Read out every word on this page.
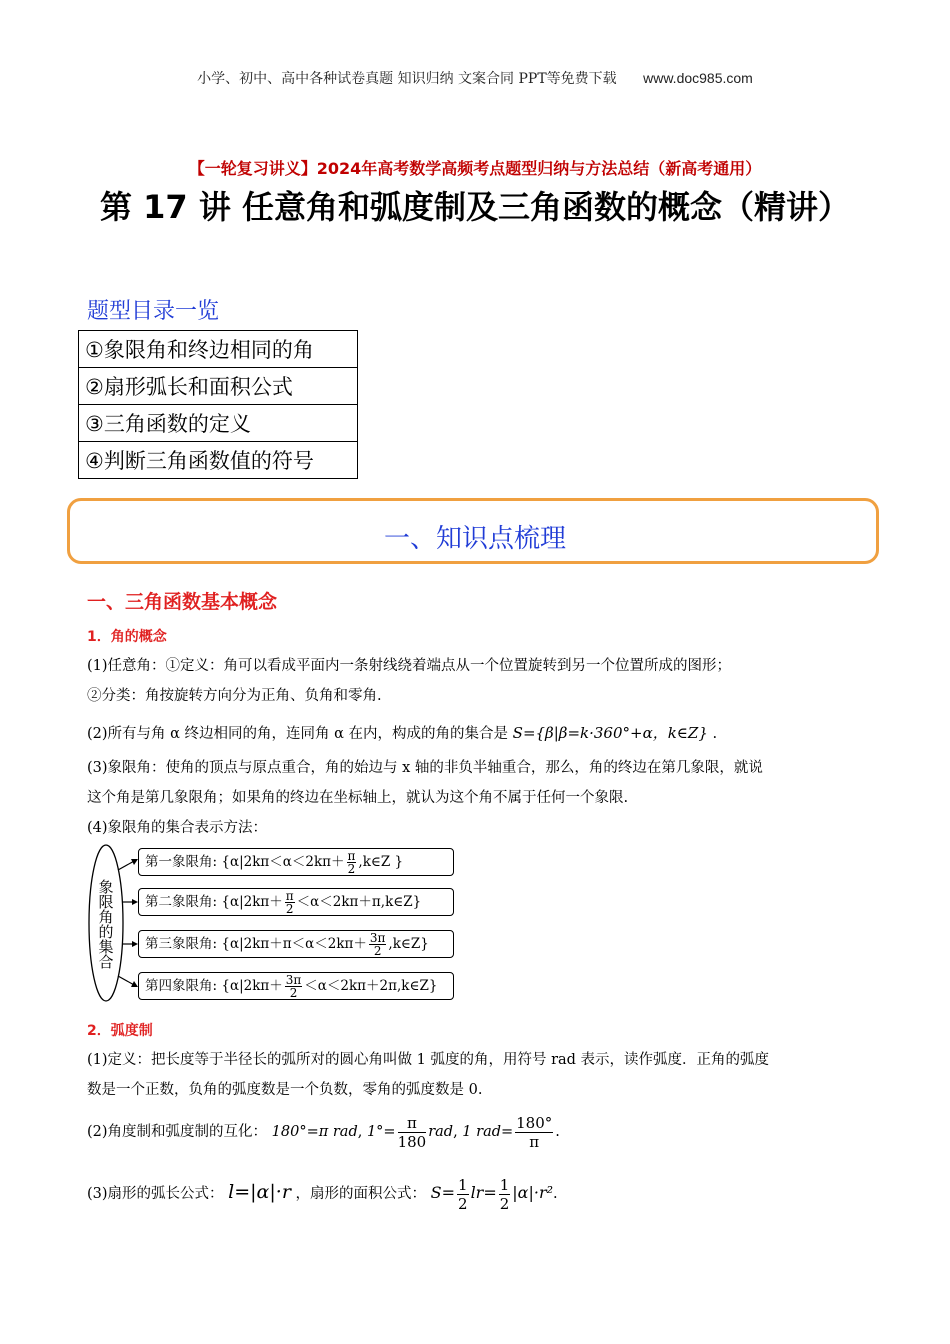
小学、初中、高中各种试卷真题 知识归纳 文案合同 PPT等免费下载 www.doc985.com
【一轮复习讲义】2024年高考数学高频考点题型归纳与方法总结（新高考通用）
第 17 讲 任意角和弧度制及三角函数的概念（精讲）
题型目录一览
①象限角和终边相同的角
②扇形弧长和面积公式
③三角函数的定义
④判断三角函数值的符号
一、知识点梳理
一、三角函数基本概念
1．角的概念
(1)任意角：①定义：角可以看成平面内一条射线绕着端点从一个位置旋转到另一个位置所成的图形；
②分类：角按旋转方向分为正角、负角和零角.
(2)所有与角 α 终边相同的角，连同角 α 在内，构成的角的集合是 S={β|β=k·360°+α，k∈Z} .
(3)象限角：使角的顶点与原点重合，角的始边与 x 轴的非负半轴重合，那么，角的终边在第几象限，就说
这个角是第几象限角；如果角的终边在坐标轴上，就认为这个角不属于任何一个象限.
(4)象限角的集合表示方法：
象
限
角
的
集
合
第一象限角: {$\alpha|2k\pi<\alpha<2k\pi+ \frac{\pi}{2}$ ,k∈Z }
第二象限角: {$\alpha|2k\pi+ \frac{\pi}{2}$ ＜α＜2kπ＋π,k∈Z}
第三象限角: {$\alpha|2k\pi+\pi<\alpha<2k\pi+ \frac{3\pi}{2}$ ,k∈Z}
第四象限角: {$\alpha|2k\pi+ \frac{3\pi}{2}$ ＜α＜2kπ＋2π,k∈Z}
2．弧度制
(1)定义：把长度等于半径长的弧所对的圆心角叫做 1 弧度的角，用符号 rad 表示，读作弧度．正角的弧度
数是一个正数，负角的弧度数是一个负数，零角的弧度数是 0.
(2)角度制和弧度制的互化： 180°=π rad, $1^\circ= \frac{\pi}{180}$ rad, 1 $rad= \frac{180^\circ}{\pi}$ .
(3)扇形的弧长公式： l=|α|·r ，扇形的面积公式： $S= \frac{1}{2} lr= \frac{1}{2} |\alpha|\cdot r^2$.
